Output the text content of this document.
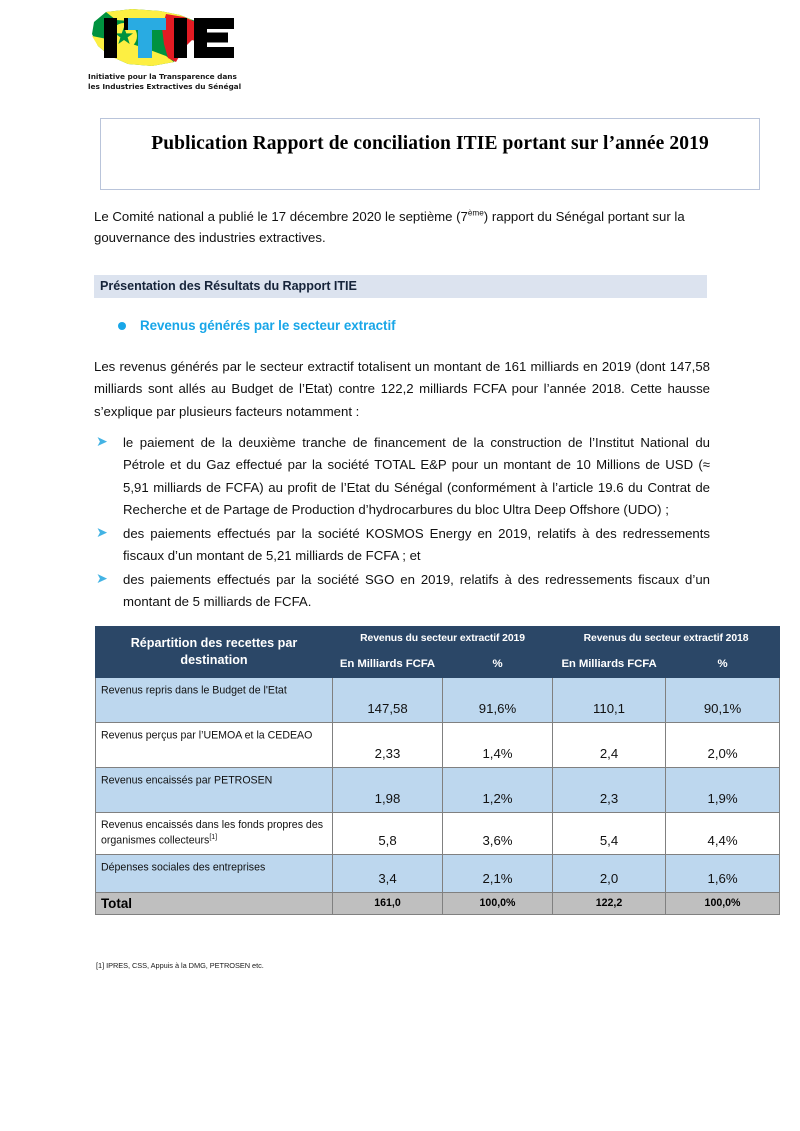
Initiative pour la Transparence dans
les Industries Extractives du Sénégal
Publication Rapport de conciliation ITIE portant sur l’année 2019
Le Comité national a publié le 17 décembre 2020 le septième (7ème) rapport du Sénégal portant sur la gouvernance des industries extractives.
Présentation des Résultats du Rapport ITIE
Revenus générés par le secteur extractif
Les revenus générés par le secteur extractif totalisent un montant de 161 milliards en 2019 (dont 147,58 milliards sont allés au Budget de l’Etat) contre 122,2 milliards FCFA pour l’année 2018. Cette hausse s’explique par plusieurs facteurs notamment :
➤	le paiement de la deuxième tranche de financement de la construction de l’Institut National du Pétrole et du Gaz effectué par la société TOTAL E&P pour un montant de 10 Millions de USD (≈ 5,91 milliards de FCFA) au profit de l’Etat du Sénégal (conformément à l’article 19.6 du Contrat de Recherche et de Partage de Production d’hydrocarbures du bloc Ultra Deep Offshore (UDO) ;
➤	des paiements effectués par la société KOSMOS Energy en 2019, relatifs à des redressements fiscaux d’un montant de 5,21 milliards de FCFA ; et
➤	des paiements effectués par la société SGO en 2019, relatifs à des redressements fiscaux d’un montant de 5 milliards de FCFA.
Répartition des recettes par destination	Revenus du secteur extractif 2019		Revenus du secteur extractif 2018	
	En Milliards FCFA	%	En Milliards FCFA	%
Revenus repris dans le Budget de l'Etat	147,58	91,6%	110,1	90,1%
Revenus perçus par l’UEMOA et la CEDEAO	2,33	1,4%	2,4	2,0%
Revenus encaissés par PETROSEN	1,98	1,2%	2,3	1,9%
Revenus encaissés dans les fonds propres des organismes collecteurs[1]	5,8	3,6%	5,4	4,4%
Dépenses sociales des entreprises	3,4	2,1%	2,0	1,6%
Total	161,0	100,0%	122,2	100,0%
[1] IPRES, CSS, Appuis à la DMG, PETROSEN etc.
